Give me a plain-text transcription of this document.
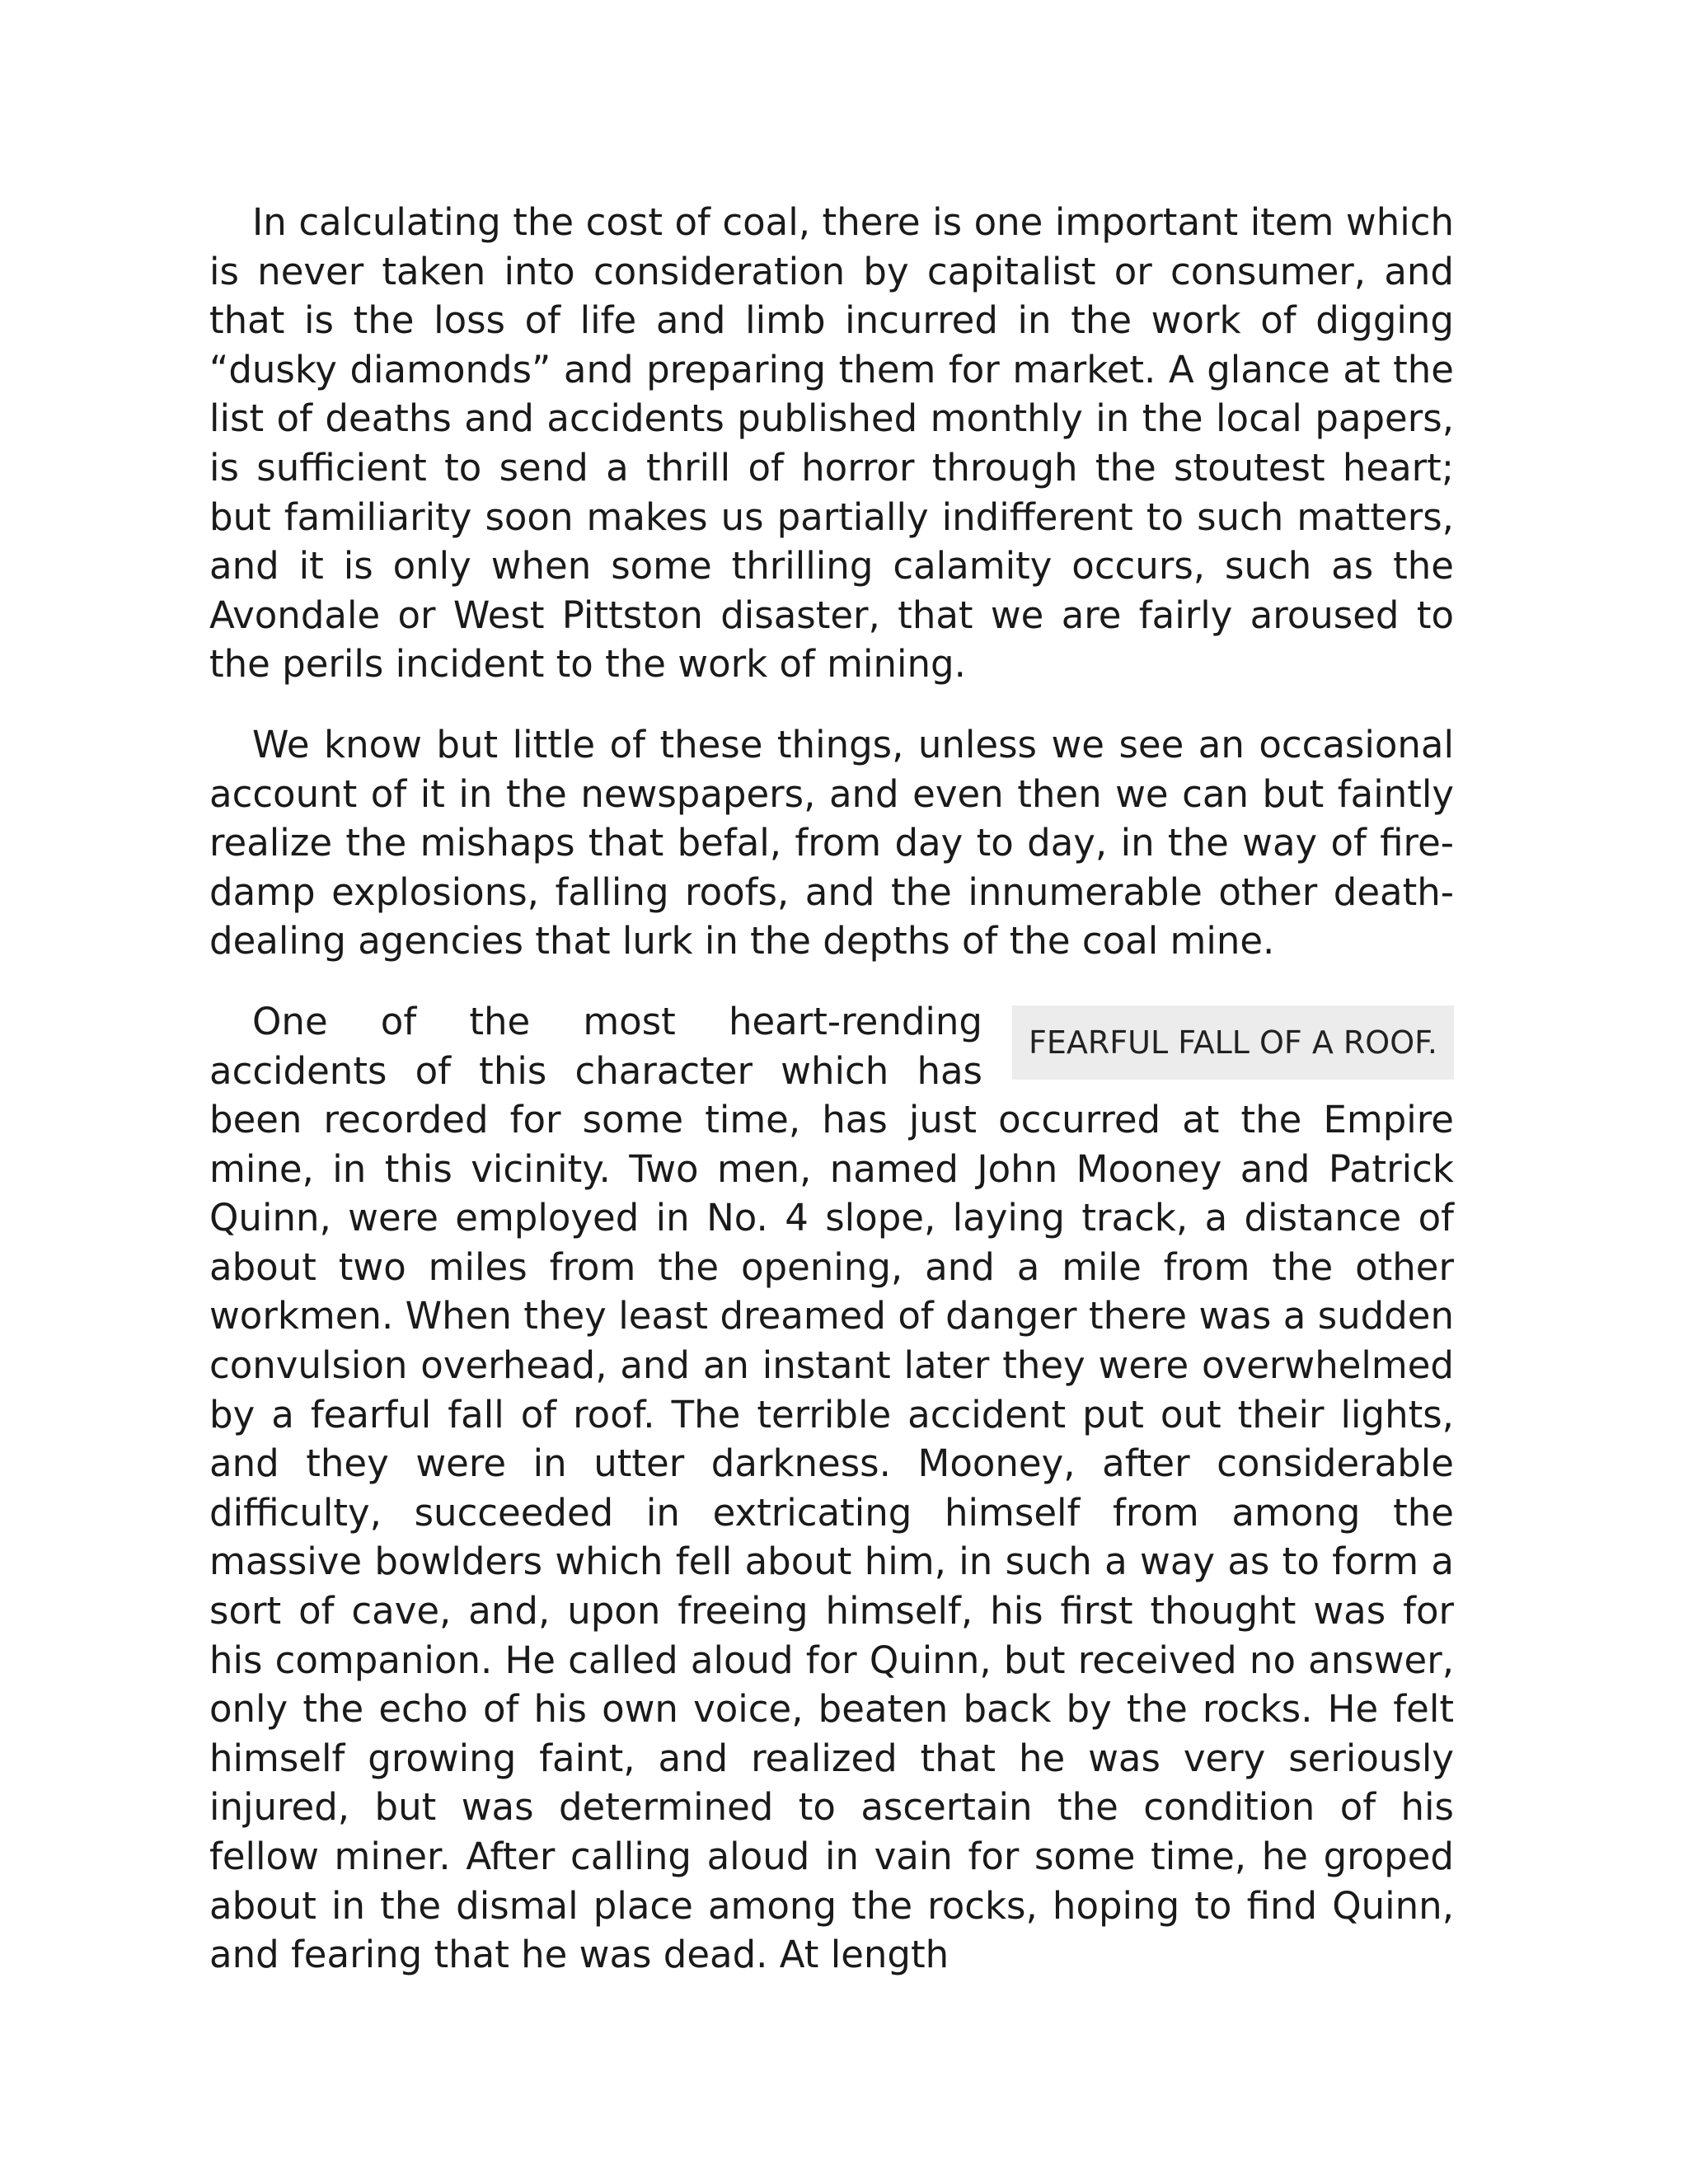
In calculating the cost of coal, there is one important item which is never taken into consideration by capitalist or consumer, and that is the loss of life and limb incurred in the work of digging “dusky diamonds” and preparing them for market. A glance at the list of deaths and accidents published monthly in the local papers, is sufficient to send a thrill of horror through the stoutest heart; but familiarity soon makes us partially indifferent to such matters, and it is only when some thrilling calamity occurs, such as the Avondale or West Pittston disaster, that we are fairly aroused to the perils incident to the work of mining.

We know but little of these things, unless we see an occasional account of it in the newspapers, and even then we can but faintly realize the mishaps that befal, from day to day, in the way of fire-damp explosions, falling roofs, and the innumerable other death-dealing agencies that lurk in the depths of the coal mine.

FEARFUL FALL OF A ROOF.

One of the most heart-rending accidents of this character which has been recorded for some time, has just occurred at the Empire mine, in this vicinity. Two men, named John Mooney and Patrick Quinn, were employed in No. 4 slope, laying track, a distance of about two miles from the opening, and a mile from the other workmen. When they least dreamed of danger there was a sudden convulsion overhead, and an instant later they were overwhelmed by a fearful fall of roof. The terrible accident put out their lights, and they were in utter darkness. Mooney, after considerable difficulty, succeeded in extricating himself from among the massive bowlders which fell about him, in such a way as to form a sort of cave, and, upon freeing himself, his first thought was for his companion. He called aloud for Quinn, but received no answer, only the echo of his own voice, beaten back by the rocks. He felt himself growing faint, and realized that he was very seriously injured, but was determined to ascertain the condition of his fellow miner. After calling aloud in vain for some time, he groped about in the dismal place among the rocks, hoping to find Quinn, and fearing that he was dead. At length
